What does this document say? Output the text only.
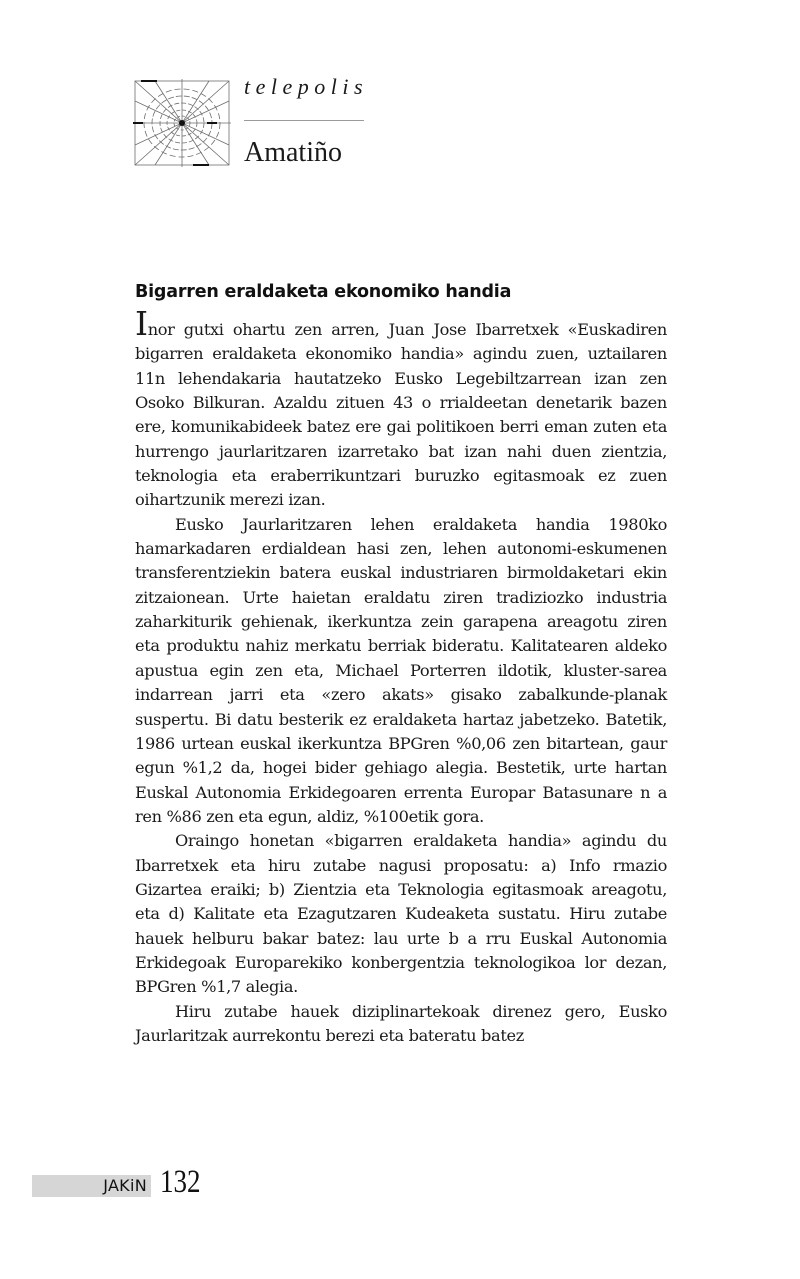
telepolis
Amatiño
Bigarren eraldaketa ekonomiko handia

Inor gutxi ohartu zen arren, Juan Jose Ibarretxek «Euskadiren bigarren eraldaketa ekonomiko handia» agindu zuen, uztailaren 11n lehendakaria hautatzeko Eusko Legebiltzarrean izan zen Osoko Bilkuran. Azaldu zituen 43 o rrialdeetan denetarik bazen ere, komunikabideek batez ere gai politikoen berri eman zuten eta hurrengo jaurlaritzaren izarretako bat izan nahi duen zientzia, teknologia eta eraberrikuntzari buruzko egitasmoak ez zuen oihartzunik merezi izan.

Eusko Jaurlaritzaren lehen eraldaketa handia 1980ko hamarkadaren erdialdean hasi zen, lehen autonomi-eskumenen transferentziekin batera euskal industriaren birmoldaketari ekin zitzaionean. Urte haietan eraldatu ziren tradiziozko industria zaharkiturik gehienak, ikerkuntza zein garapena areagotu ziren eta produktu nahiz merkatu berriak bideratu. Kalitatearen aldeko apustua egin zen eta, Michael Porterren ildotik, kluster-sarea indarrean jarri eta «zero akats» gisako zabalkunde-planak suspertu. Bi datu besterik ez eraldaketa hartaz jabetzeko. Batetik, 1986 urtean euskal ikerkuntza BPGren %0,06 zen bitartean, gaur egun %1,2 da, hogei bider gehiago alegia. Bestetik, urte hartan Euskal Autonomia Erkidegoaren errenta Europar Batasunare n a ren %86 zen eta egun, aldiz, %100etik gora.

Oraingo honetan «bigarren eraldaketa handia» agindu du Ibarretxek eta hiru zutabe nagusi proposatu: a) Info rmazio Gizartea eraiki; b) Zientzia eta Teknologia egitasmoak areagotu, eta d) Kalitate eta Ezagutzaren Kudeaketa sustatu. Hiru zutabe hauek helburu bakar batez: lau urte b a rru Euskal Autonomia Erkidegoak Europarekiko konbergentzia teknologikoa lor dezan, BPGren %1,7 alegia.

Hiru zutabe hauek diziplinartekoak direnez gero, Eusko Jaurlaritzak aurrekontu berezi eta bateratu batez

JAKiN 132
